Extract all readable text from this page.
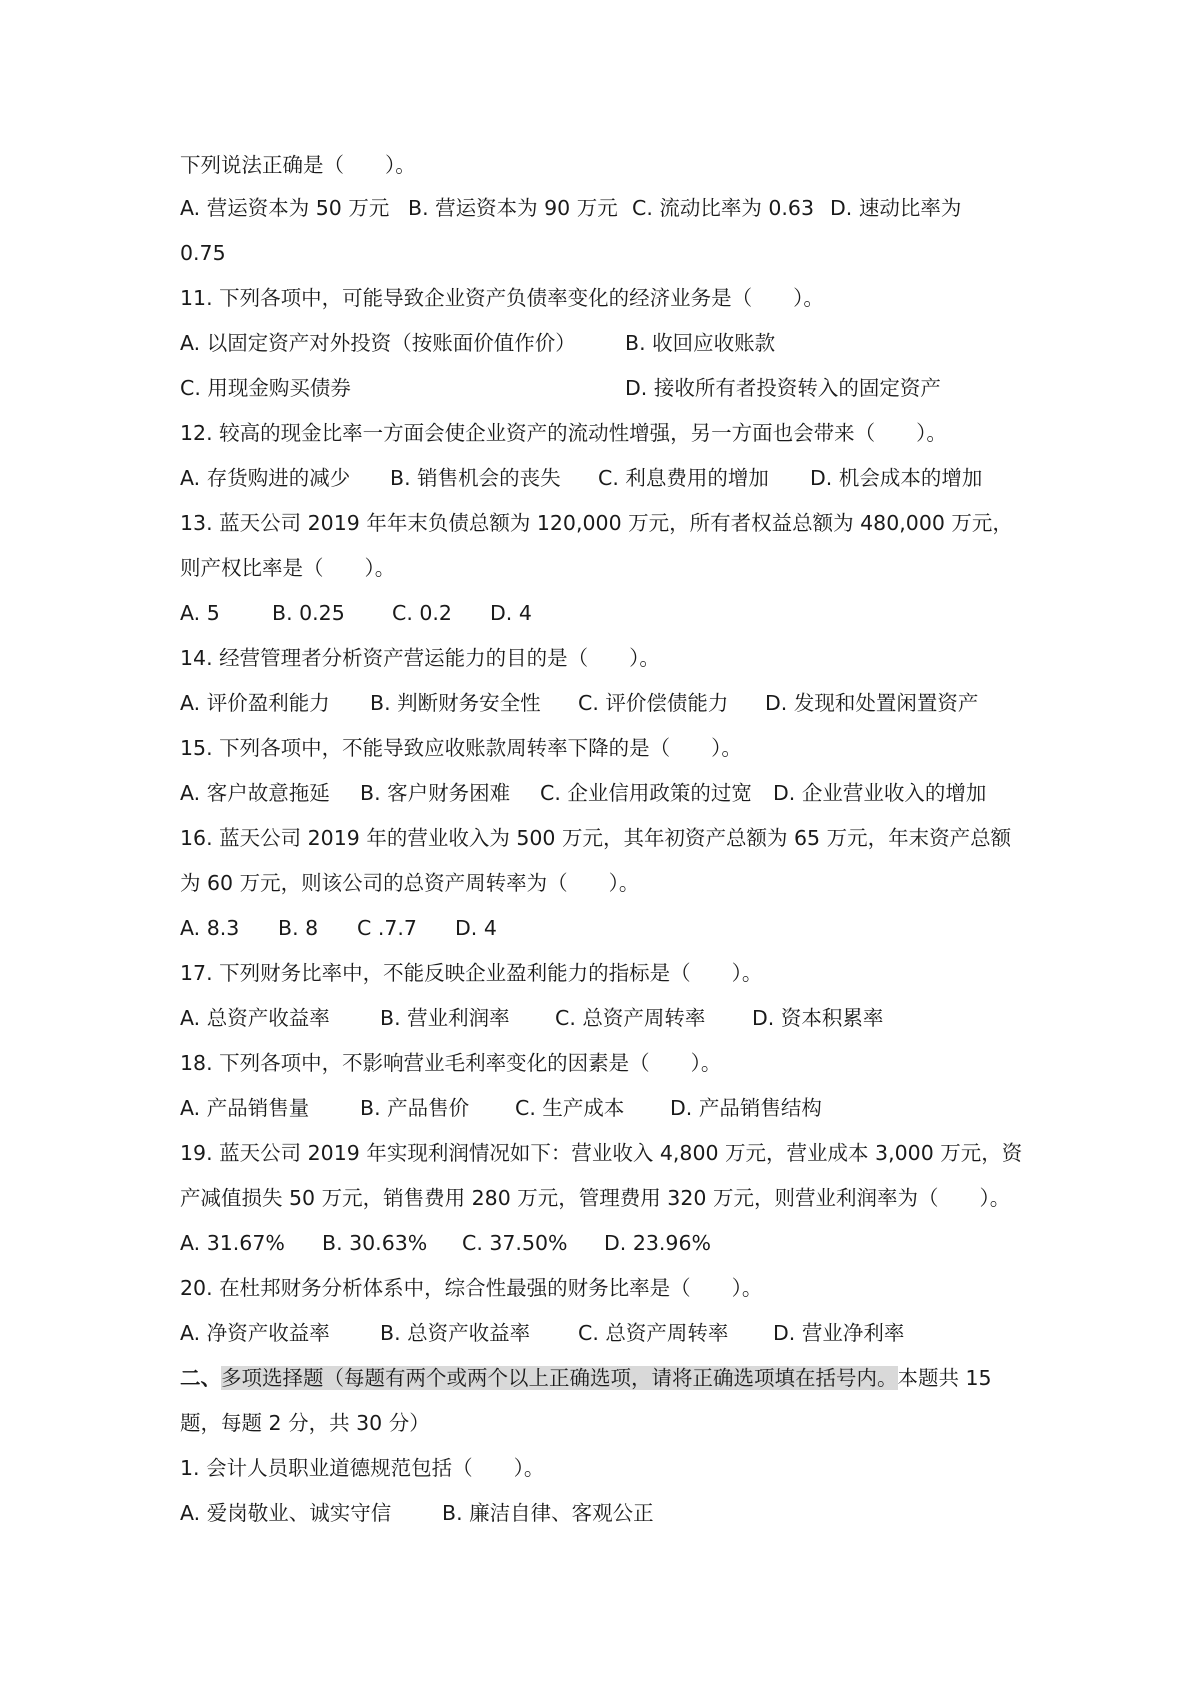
下列说法正确是（　　）。
A. 营运资本为 50 万元 B. 营运资本为 90 万元 C. 流动比率为 0.63 D. 速动比率为
0.75
11. 下列各项中，可能导致企业资产负债率变化的经济业务是（　　）。
A. 以固定资产对外投资（按账面价值作价） B. 收回应收账款
C. 用现金购买债券	D. 接收所有者投资转入的固定资产
12. 较高的现金比率一方面会使企业资产的流动性增强，另一方面也会带来（　　）。
A. 存货购进的减少 B. 销售机会的丧失 C. 利息费用的增加 D. 机会成本的增加
13. 蓝天公司 2019 年年末负债总额为 120,000 万元，所有者权益总额为 480,000 万元，
则产权比率是（　　）。
A. 5	B. 0.25 C. 0.2 D. 4
14. 经营管理者分析资产营运能力的目的是（　　）。
A. 评价盈利能力 B. 判断财务安全性 C. 评价偿债能力 D. 发现和处置闲置资产
15. 下列各项中，不能导致应收账款周转率下降的是（　　）。
A. 客户故意拖延 B. 客户财务困难 C. 企业信用政策的过宽 D. 企业营业收入的增加
16. 蓝天公司 2019 年的营业收入为 500 万元，其年初资产总额为 65 万元，年末资产总额
为 60 万元，则该公司的总资产周转率为（　　）。
A. 8.3 B. 8 C .7.7 D. 4
17. 下列财务比率中，不能反映企业盈利能力的指标是（　　）。
A. 总资产收益率 B. 营业利润率 C. 总资产周转率 D. 资本积累率
18. 下列各项中，不影响营业毛利率变化的因素是（　　）。
A. 产品销售量 B. 产品售价 C. 生产成本 D. 产品销售结构
19. 蓝天公司 2019 年实现利润情况如下：营业收入 4,800 万元，营业成本 3,000 万元，资
产减值损失 50 万元，销售费用 280 万元，管理费用 320 万元，则营业利润率为（　　）。
A. 31.67% B. 30.63% C. 37.50% D. 23.96%
20. 在杜邦财务分析体系中，综合性最强的财务比率是（　　）。
A. 净资产收益率 B. 总资产收益率 C. 总资产周转率 D. 营业净利率
二、多项选择题（每题有两个或两个以上正确选项，请将正确选项填在括号内。本题共 15
题，每题 2 分，共 30 分）
1. 会计人员职业道德规范包括（　　）。
A. 爱岗敬业、诚实守信 B. 廉洁自律、客观公正
